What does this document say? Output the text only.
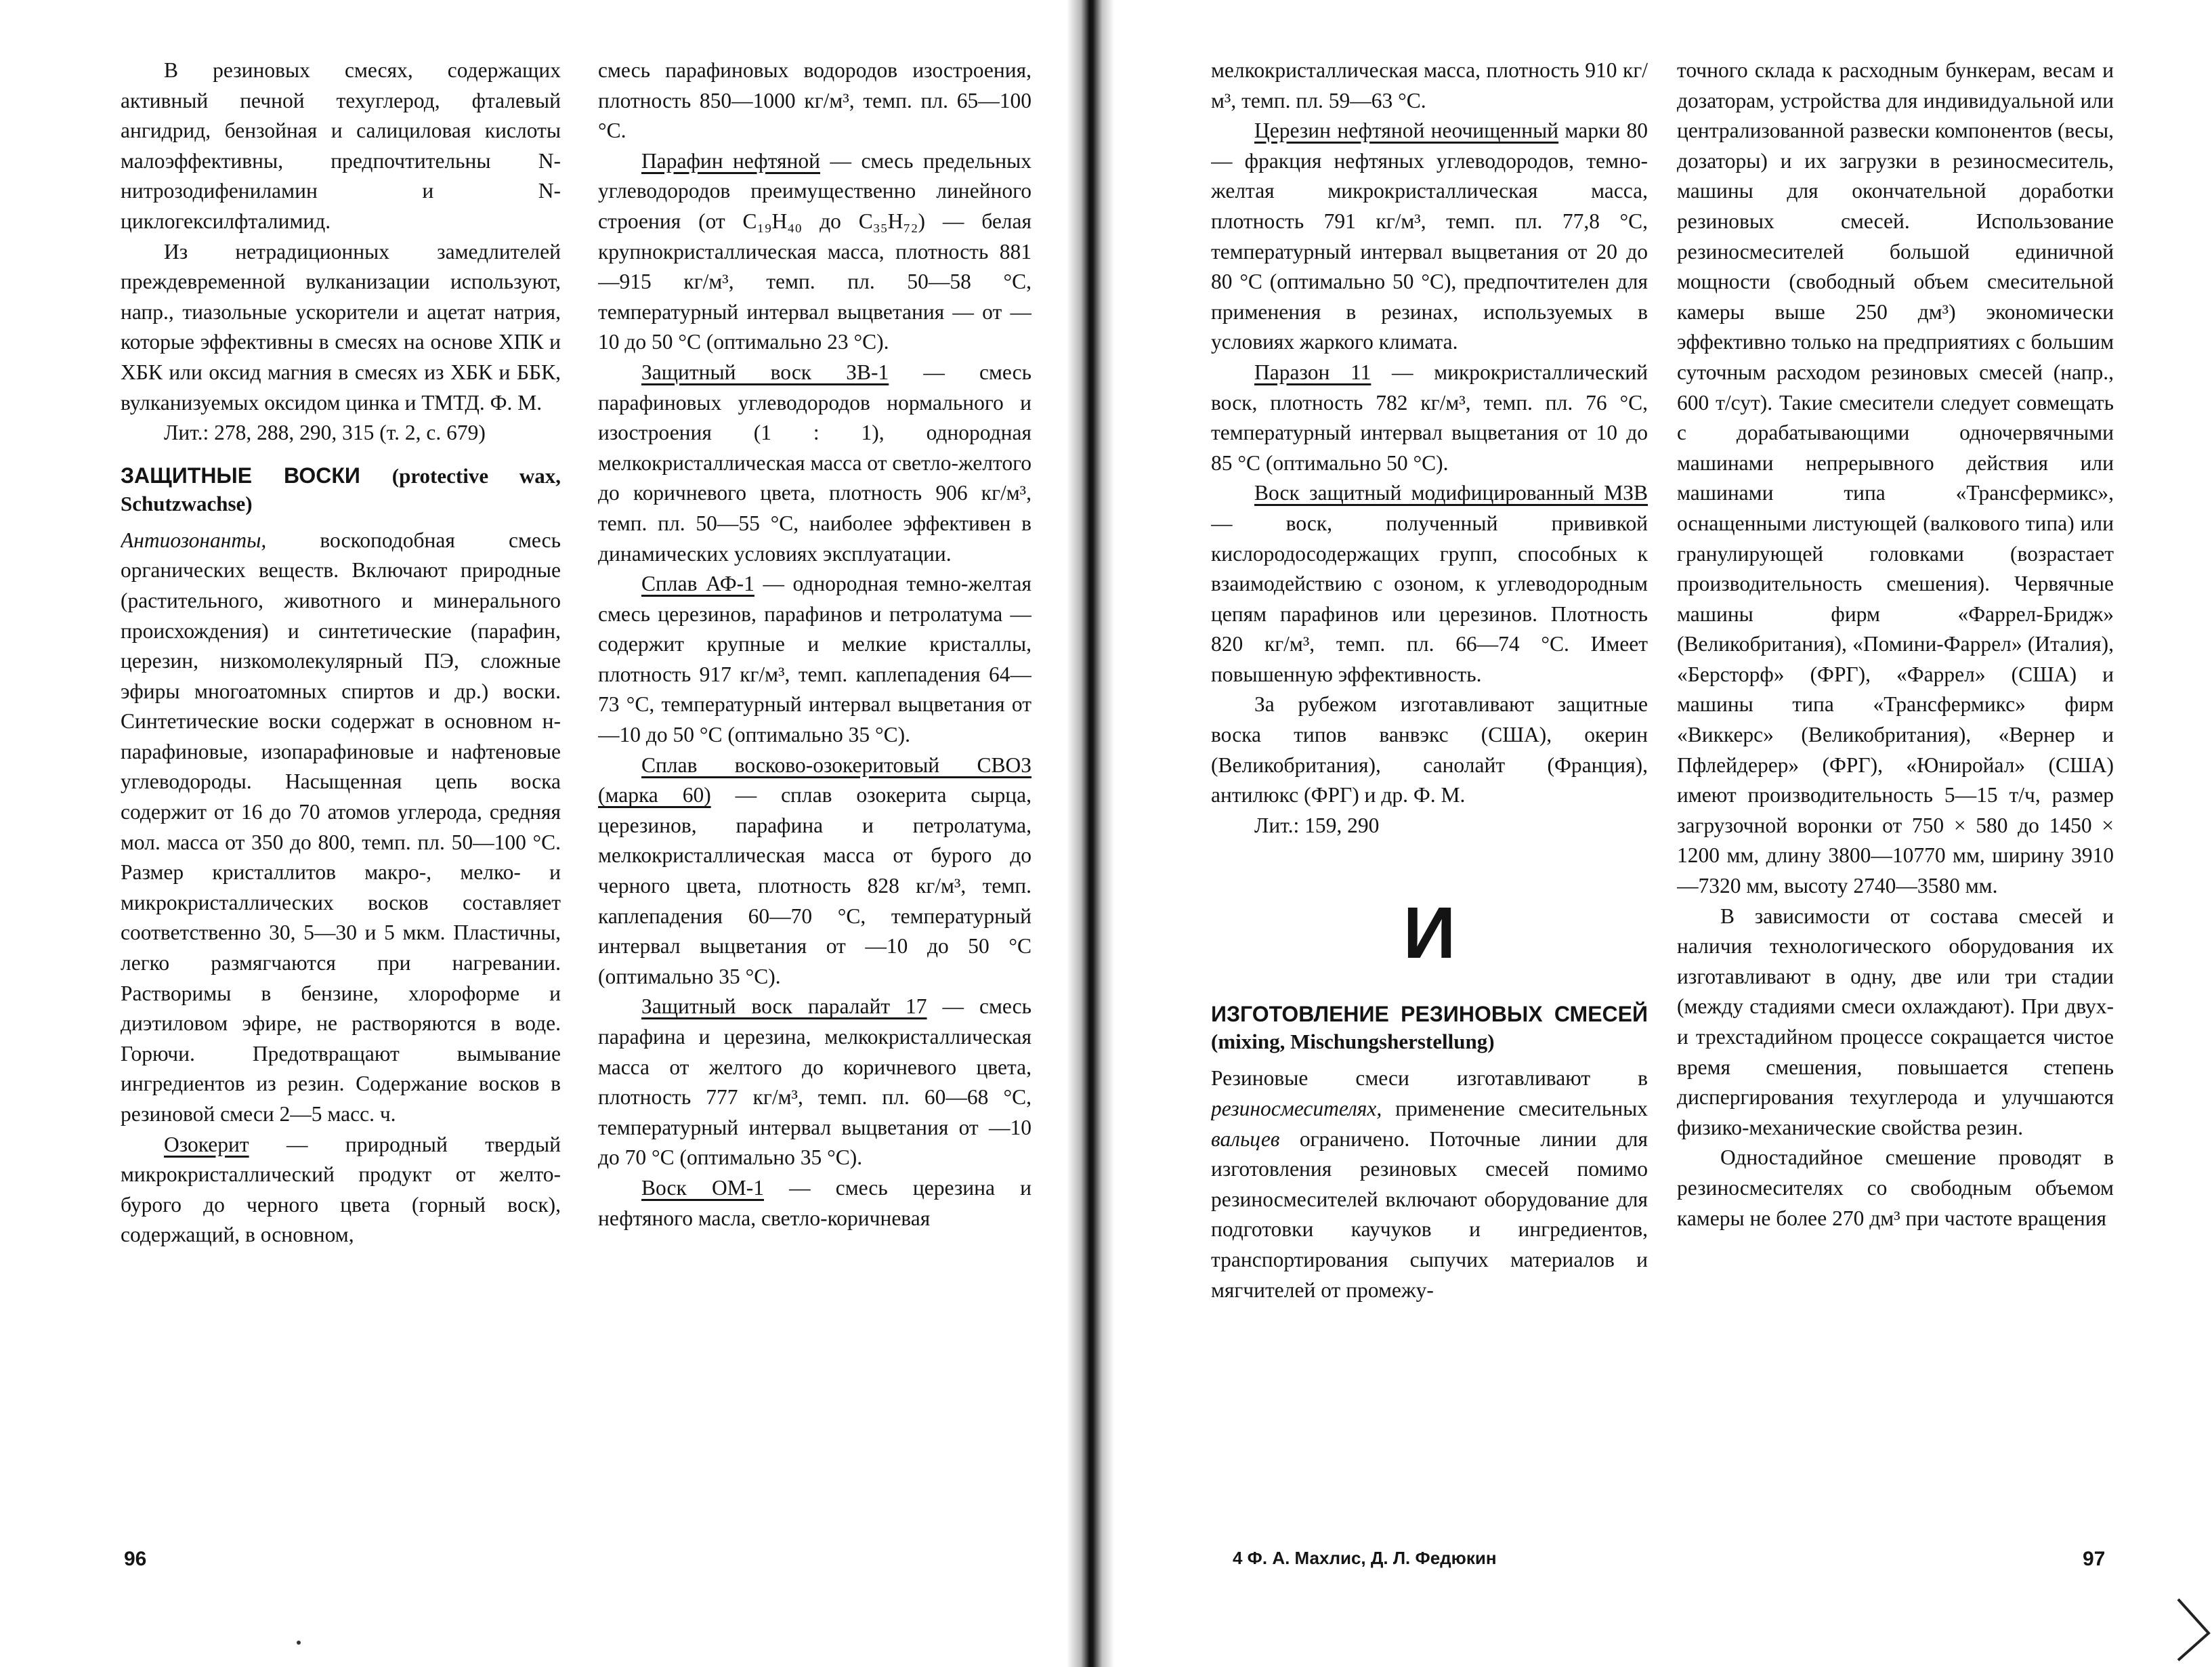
В резиновых смесях, содержащих активный печной техуглерод, фталевый ангидрид, бензойная и салициловая кислоты малоэффективны, предпочтительны N-нитрозодифениламин и N-циклогексилфталимид.

Из нетрадиционных замедлителей преждевременной вулканизации используют, напр., тиазольные ускорители и ацетат натрия, которые эффективны в смесях на основе ХПК и ХБК или оксид магния в смесях из ХБК и ББК, вулканизуемых оксидом цинка и ТМТД. Ф. М.

Лит.: 278, 288, 290, 315 (т. 2, с. 679)

ЗАЩИТНЫЕ ВОСКИ (protective wax, Schutzwachse)

Антиозонанты, воскоподобная смесь органических веществ. Включают природные (растительного, животного и минерального происхождения) и синтетические (парафин, церезин, низкомолекулярный ПЭ, сложные эфиры многоатомных спиртов и др.) воски. Синтетические воски содержат в основном н-парафиновые, изопарафиновые и нафтеновые углеводороды. Насыщенная цепь воска содержит от 16 до 70 атомов углерода, средняя мол. масса от 350 до 800, темп. пл. 50—100 °С. Размер кристаллитов макро-, мелко- и микрокристаллических восков составляет соответственно 30, 5—30 и 5 мкм. Пластичны, легко размягчаются при нагревании. Растворимы в бензине, хлороформе и диэтиловом эфире, не растворяются в воде. Горючи. Предотвращают вымывание ингредиентов из резин. Содержание восков в резиновой смеси 2—5 масс. ч.

Озокерит — природный твердый микрокристаллический продукт от желто-бурого до черного цвета (горный воск), содержащий, в основном,

смесь парафиновых водородов изостроения, плотность 850—1000 кг/м³, темп. пл. 65—100 °С.

Парафин нефтяной — смесь предельных углеводородов преимущественно линейного строения (от C₁₉H₄₀ до C₃₅H₇₂) — белая крупнокристаллическая масса, плотность 881—915 кг/м³, темп. пл. 50—58 °С, температурный интервал выцветания — от —10 до 50 °С (оптимально 23 °С).

Защитный воск ЗВ-1 — смесь парафиновых углеводородов нормального и изостроения (1 : 1), однородная мелкокристаллическая масса от светло-желтого до коричневого цвета, плотность 906 кг/м³, темп. пл. 50—55 °С, наиболее эффективен в динамических условиях эксплуатации.

Сплав АФ-1 — однородная темно-желтая смесь церезинов, парафинов и петролатума — содержит крупные и мелкие кристаллы, плотность 917 кг/м³, темп. каплепадения 64—73 °С, температурный интервал выцветания от —10 до 50 °С (оптимально 35 °С).

Сплав восково-озокеритовый СВОЗ (марка 60) — сплав озокерита сырца, церезинов, парафина и петролатума, мелкокристаллическая масса от бурого до черного цвета, плотность 828 кг/м³, темп. каплепадения 60—70 °С, температурный интервал выцветания от —10 до 50 °С (оптимально 35 °С).

Защитный воск паралайт 17 — смесь парафина и церезина, мелкокристаллическая масса от желтого до коричневого цвета, плотность 777 кг/м³, темп. пл. 60—68 °С, температурный интервал выцветания от —10 до 70 °С (оптимально 35 °С).

Воск ОМ-1 — смесь церезина и нефтяного масла, светло-коричневая

96

мелкокристаллическая масса, плотность 910 кг/м³, темп. пл. 59—63 °С.

Церезин нефтяной неочищенный марки 80 — фракция нефтяных углеводородов, темно-желтая микрокристаллическая масса, плотность 791 кг/м³, темп. пл. 77,8 °С, температурный интервал выцветания от 20 до 80 °С (оптимально 50 °С), предпочтителен для применения в резинах, используемых в условиях жаркого климата.

Паразон 11 — микрокристаллический воск, плотность 782 кг/м³, темп. пл. 76 °С, температурный интервал выцветания от 10 до 85 °С (оптимально 50 °С).

Воск защитный модифицированный МЗВ — воск, полученный прививкой кислородосодержащих групп, способных к взаимодействию с озоном, к углеводородным цепям парафинов или церезинов. Плотность 820 кг/м³, темп. пл. 66—74 °С. Имеет повышенную эффективность.

За рубежом изготавливают защитные воска типов ванвэкс (США), окерин (Великобритания), санолайт (Франция), антилюкс (ФРГ) и др. Ф. М.

Лит.: 159, 290

И
ИЗГОТОВЛЕНИЕ РЕЗИНОВЫХ СМЕСЕЙ (mixing, Mischungsherstellung)

Резиновые смеси изготавливают в резиносмесителях, применение смесительных вальцев ограничено. Поточные линии для изготовления резиновых смесей помимо резиносмесителей включают оборудование для подготовки каучуков и ингредиентов, транспортирования сыпучих материалов и мягчителей от промежу-

точного склада к расходным бункерам, весам и дозаторам, устройства для индивидуальной или централизованной развески компонентов (весы, дозаторы) и их загрузки в резиносмеситель, машины для окончательной доработки резиновых смесей. Использование резиносмесителей большой единичной мощности (свободный объем смесительной камеры выше 250 дм³) экономически эффективно только на предприятиях с большим суточным расходом резиновых смесей (напр., 600 т/сут). Такие смесители следует совмещать с дорабатывающими одночервячными машинами непрерывного действия или машинами типа «Трансфермикс», оснащенными листующей (валкового типа) или гранулирующей головками (возрастает производительность смешения). Червячные машины фирм «Фаррел-Бридж» (Великобритания), «Помини-Фаррел» (Италия), «Берсторф» (ФРГ), «Фаррел» (США) и машины типа «Трансфермикс» фирм «Виккерс» (Великобритания), «Вернер и Пфлейдерер» (ФРГ), «Юниройал» (США) имеют производительность 5—15 т/ч, размер загрузочной воронки от 750 × 580 до 1450 × 1200 мм, длину 3800—10770 мм, ширину 3910—7320 мм, высоту 2740—3580 мм.

В зависимости от состава смесей и наличия технологического оборудования их изготавливают в одну, две или три стадии (между стадиями смеси охлаждают). При двух- и трехстадийном процессе сокращается чистое время смешения, повышается степень диспергирования техуглерода и улучшаются физико-механические свойства резин.

Одностадийное смешение проводят в резиносмесителях со свободным объемом камеры не более 270 дм³ при частоте вращения

4 Ф. А. Махлис, Д. Л. Федюкин	97
